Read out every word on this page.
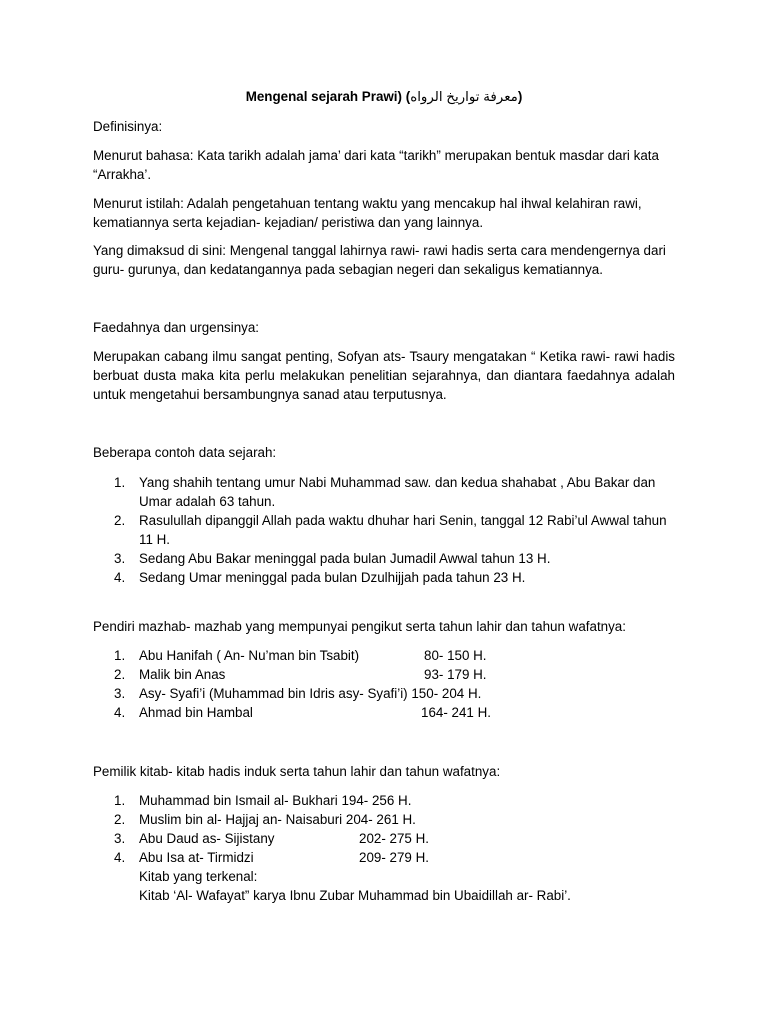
Mengenal sejarah Prawi) (معرفة تواريخ الرواه)

Definisinya:

Menurut bahasa: Kata tarikh adalah jama’ dari kata “tarikh” merupakan bentuk masdar dari kata “Arrakha’.

Menurut istilah: Adalah pengetahuan tentang waktu yang mencakup hal ihwal kelahiran rawi, kematiannya serta kejadian- kejadian/ peristiwa dan yang lainnya.

Yang dimaksud di sini: Mengenal tanggal lahirnya rawi- rawi hadis serta cara mendengernya dari guru- gurunya, dan kedatangannya pada sebagian negeri dan sekaligus kematiannya.

Faedahnya dan urgensinya:

Merupakan cabang ilmu sangat penting, Sofyan ats- Tsaury mengatakan “ Ketika rawi- rawi hadis berbuat dusta maka kita perlu melakukan penelitian sejarahnya, dan diantara faedahnya adalah untuk mengetahui bersambungnya sanad atau terputusnya.

Beberapa contoh data sejarah:

1. Yang shahih tentang umur Nabi Muhammad saw. dan kedua shahabat , Abu Bakar dan Umar adalah 63 tahun.
2. Rasulullah dipanggil Allah pada waktu dhuhar hari Senin, tanggal 12 Rabi’ul Awwal tahun 11 H.
3. Sedang Abu Bakar meninggal pada bulan Jumadil Awwal tahun 13 H.
4. Sedang Umar meninggal pada bulan Dzulhijjah pada tahun 23 H.

Pendiri mazhab- mazhab yang mempunyai pengikut serta tahun lahir dan tahun wafatnya:

1. Abu Hanifah ( An- Nu’man bin Tsabit)	80- 150 H.
2. Malik bin Anas	93- 179 H.
3. Asy- Syafi’i (Muhammad bin Idris asy- Syafi’i) 150- 204 H.
4. Ahmad bin Hambal	164- 241 H.

Pemilik kitab- kitab hadis induk serta tahun lahir dan tahun wafatnya:

1. Muhammad bin Ismail al- Bukhari 194- 256 H.
2. Muslim bin al- Hajjaj an- Naisaburi 204- 261 H.
3. Abu Daud as- Sijistany	202- 275 H.
4. Abu Isa at- Tirmidzi	209- 279 H.
Kitab yang terkenal:
Kitab ‘Al- Wafayat” karya Ibnu Zubar Muhammad bin Ubaidillah ar- Rabi’.
